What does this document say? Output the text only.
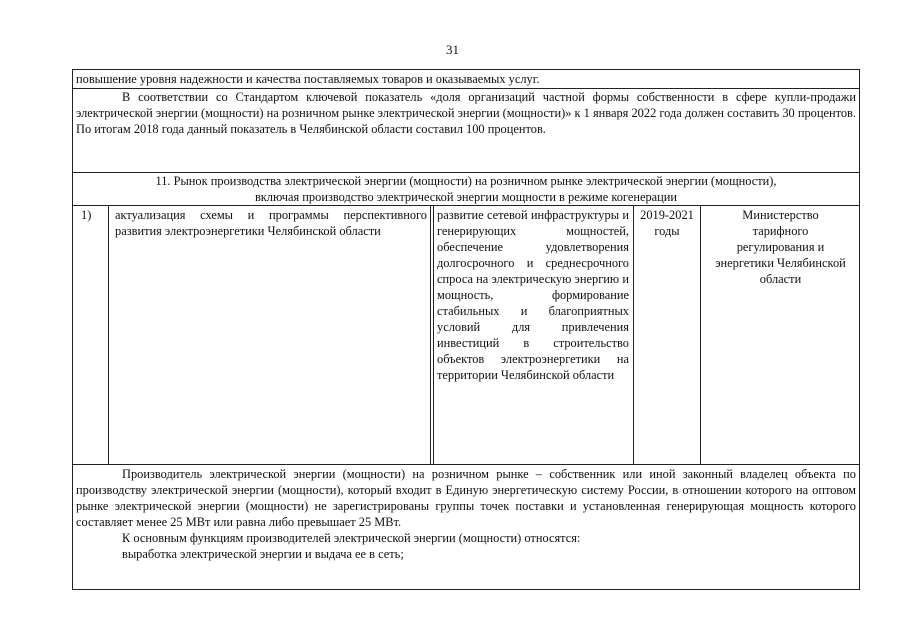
31
повышение уровня надежности и качества поставляемых товаров и оказываемых услуг.
В соответствии со Стандартом ключевой показатель «доля организаций частной формы собственности в сфере купли-продажи электрической энергии (мощности) на розничном рынке электрической энергии (мощности)» к 1 января 2022 года должен составить 30 процентов. По итогам 2018 года данный показатель в Челябинской области составил 100 процентов.
11. Рынок производства электрической энергии (мощности) на розничном рынке электрической энергии (мощности),
включая производство электрической энергии мощности в режиме когенерации
1)	актуализация схемы и программы перспективного развития электроэнергетики Челябинской области
развитие сетевой инфраструктуры и генерирующих мощностей, обеспечение удовлетворения долгосрочного и среднесрочного спроса на электрическую энергию и мощность, формирование стабильных и благоприятных условий для привлечения инвестиций в строительство объектов электроэнергетики на территории Челябинской области
2019-2021 годы
Министерство тарифного регулирования и энергетики Челябинской области
Производитель электрической энергии (мощности) на розничном рынке – собственник или иной законный владелец объекта по производству электрической энергии (мощности), который входит в Единую энергетическую систему России, в отношении которого на оптовом рынке электрической энергии (мощности) не зарегистрированы группы точек поставки и установленная генерирующая мощность которого составляет менее 25 МВт или равна либо превышает 25 МВт.
К основным функциям производителей электрической энергии (мощности) относятся:
выработка электрической энергии и выдача ее в сеть;
